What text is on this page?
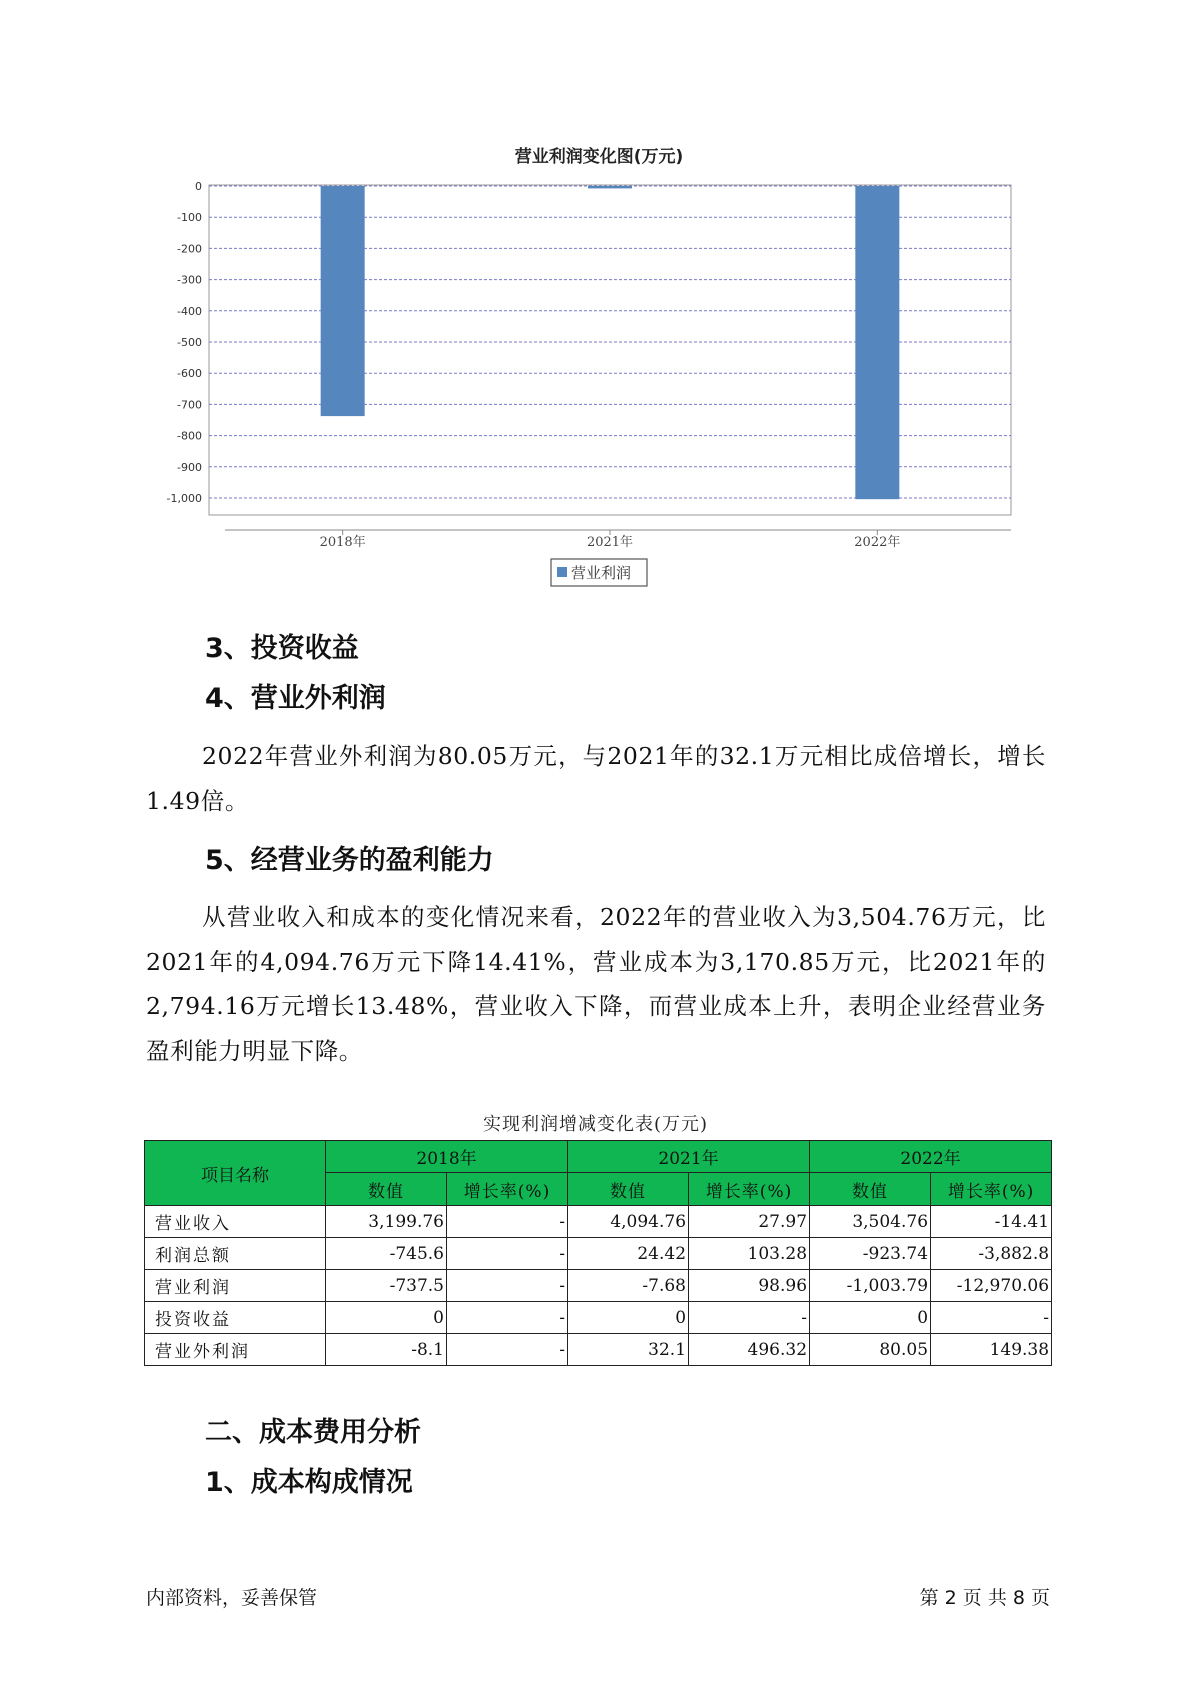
营业利润变化图(万元)
0
-100
-200
-300
-400
-500
-600
-700
-800
-900
-1,000
2018年	2021年	2022年
营业利润
3、投资收益
4、营业外利润

2022年营业外利润为80.05万元，与2021年的32.1万元相比成倍增长，增长1.49倍。

5、经营业务的盈利能力

从营业收入和成本的变化情况来看，2022年的营业收入为3,504.76万元，比2021年的4,094.76万元下降14.41%，营业成本为3,170.85万元，比2021年的2,794.16万元增长13.48%，营业收入下降，而营业成本上升，表明企业经营业务盈利能力明显下降。

实现利润增减变化表(万元)
项目名称	2018年		2021年		2022年	
	数值	增长率(%)	数值	增长率(%)	数值	增长率(%)
营业收入	3,199.76	-	4,094.76	27.97	3,504.76	-14.41
利润总额	-745.6	-	24.42	103.28	-923.74	-3,882.8
营业利润	-737.5	-	-7.68	98.96	-1,003.79	-12,970.06
投资收益	0	-	0	-	0	-
营业外利润	-8.1	-	32.1	496.32	80.05	149.38
二、成本费用分析
1、成本构成情况
内部资料，妥善保管	第 2 页 共 8 页
